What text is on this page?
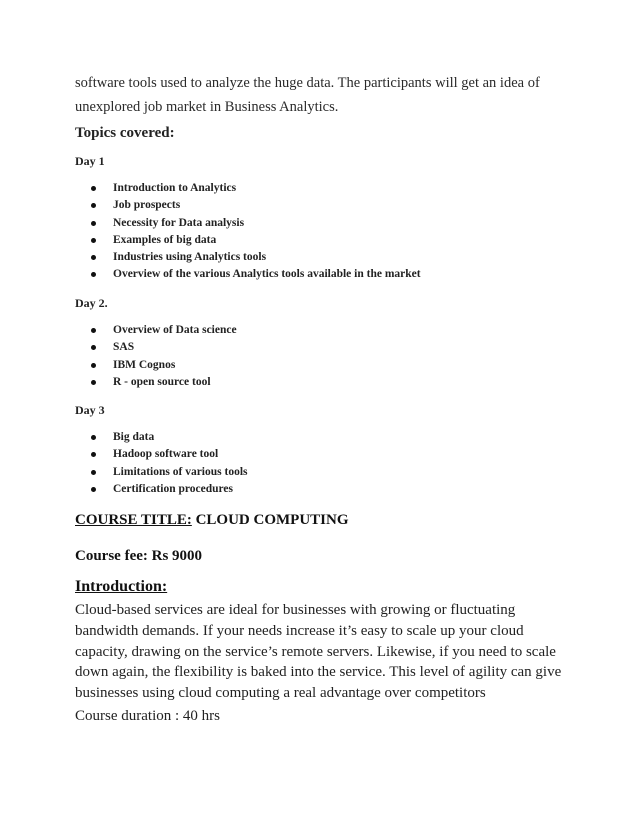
software tools used to analyze the huge data. The participants will get an idea of
unexplored job market in Business Analytics.

Topics covered:

Day 1

Introduction to Analytics
Job prospects
Necessity for Data analysis
Examples of big data
Industries using Analytics tools
Overview of the various Analytics tools available in the market

Day 2.

Overview of Data science
SAS
IBM Cognos
R - open source tool

Day 3

Big data
Hadoop software tool
Limitations of various tools
Certification procedures

COURSE TITLE: CLOUD COMPUTING

Course fee: Rs 9000

Introduction:

Cloud-based services are ideal for businesses with growing or fluctuating
bandwidth demands. If your needs increase it’s easy to scale up your cloud
capacity, drawing on the service’s remote servers. Likewise, if you need to scale
down again, the flexibility is baked into the service. This level of agility can give
businesses using cloud computing a real advantage over competitors

Course duration : 40 hrs
